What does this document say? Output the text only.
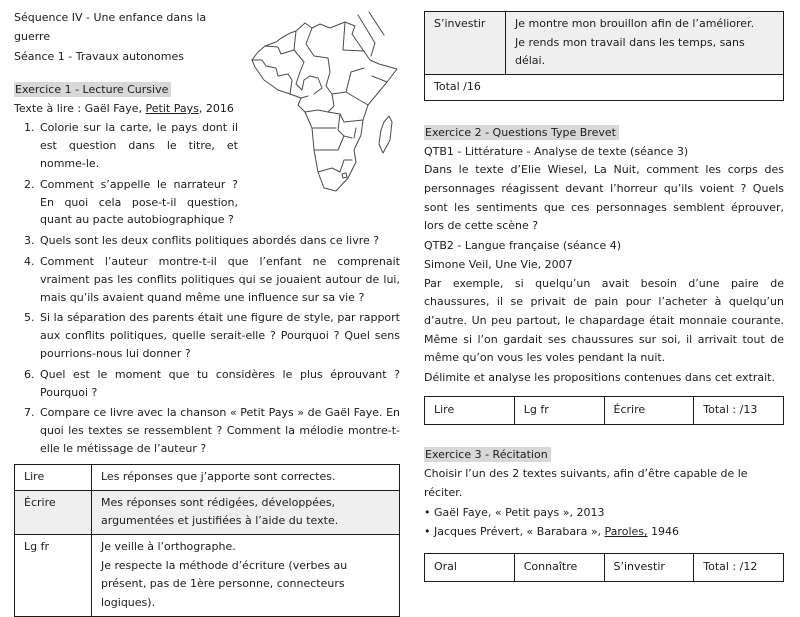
Séquence IV - Une enfance dans la guerre
Séance 1 - Travaux autonomes
Exercice 1 - Lecture Cursive
Texte à lire : Gaël Faye, Petit Pays, 2016
1. Colorie sur la carte, le pays dont il est question dans le titre, et nomme-le.
2. Comment s’appelle le narrateur ? En quoi cela pose-t-il question, quant au pacte autobiographique ?
3. Quels sont les deux conflits politiques abordés dans ce livre ?
4. Comment l’auteur montre-t-il que l’enfant ne comprenait vraiment pas les conflits politiques qui se jouaient autour de lui, mais qu’ils avaient quand même une influence sur sa vie ?
5. Si la séparation des parents était une figure de style, par rapport aux conflits politiques, quelle serait-elle ? Pourquoi ? Quel sens pourrions-nous lui donner ?
6. Quel est le moment que tu considères le plus éprouvant ? Pourquoi ?
7. Compare ce livre avec la chanson « Petit Pays » de Gaël Faye. En quoi les textes se ressemblent ? Comment la mélodie montre-t-elle le métissage de l’auteur ?
Lire	Les réponses que j’apporte sont correctes.
Écrire	Mes réponses sont rédigées, développées, argumentées et justifiées à l’aide du texte.
Lg fr	Je veille à l’orthographe.
Je respecte la méthode d’écriture (verbes au présent, pas de 1ère personne, connecteurs logiques).
S’investir	Je montre mon brouillon afin de l’améliorer.
Je rends mon travail dans les temps, sans délai.

Total /16
Exercice 2 - Questions Type Brevet
QTB1 - Littérature - Analyse de texte (séance 3)
Dans le texte d’Elie Wiesel, La Nuit, comment les corps des personnages réagissent devant l’horreur qu’ils voient ? Quels sont les sentiments que ces personnages semblent éprouver, lors de cette scène ?
QTB2 - Langue française (séance 4)
Simone Veil, Une Vie, 2007
Par exemple, si quelqu’un avait besoin d’une paire de chaussures, il se privait de pain pour l’acheter à quelqu’un d’autre. Un peu partout, le chapardage était monnaie courante. Même si l’on gardait ses chaussures sur soi, il arrivait tout de même qu’on vous les voles pendant la nuit.
Délimite et analyse les propositions contenues dans cet extrait.
Lire	Lg fr	Écrire	Total : /13
Exercice 3 - Récitation
Choisir l’un des 2 textes suivants, afin d’être capable de le réciter.
• Gaël Faye, « Petit pays », 2013
• Jacques Prévert, « Barabara », Paroles, 1946
Oral	Connaître	S’investir	Total : /12
